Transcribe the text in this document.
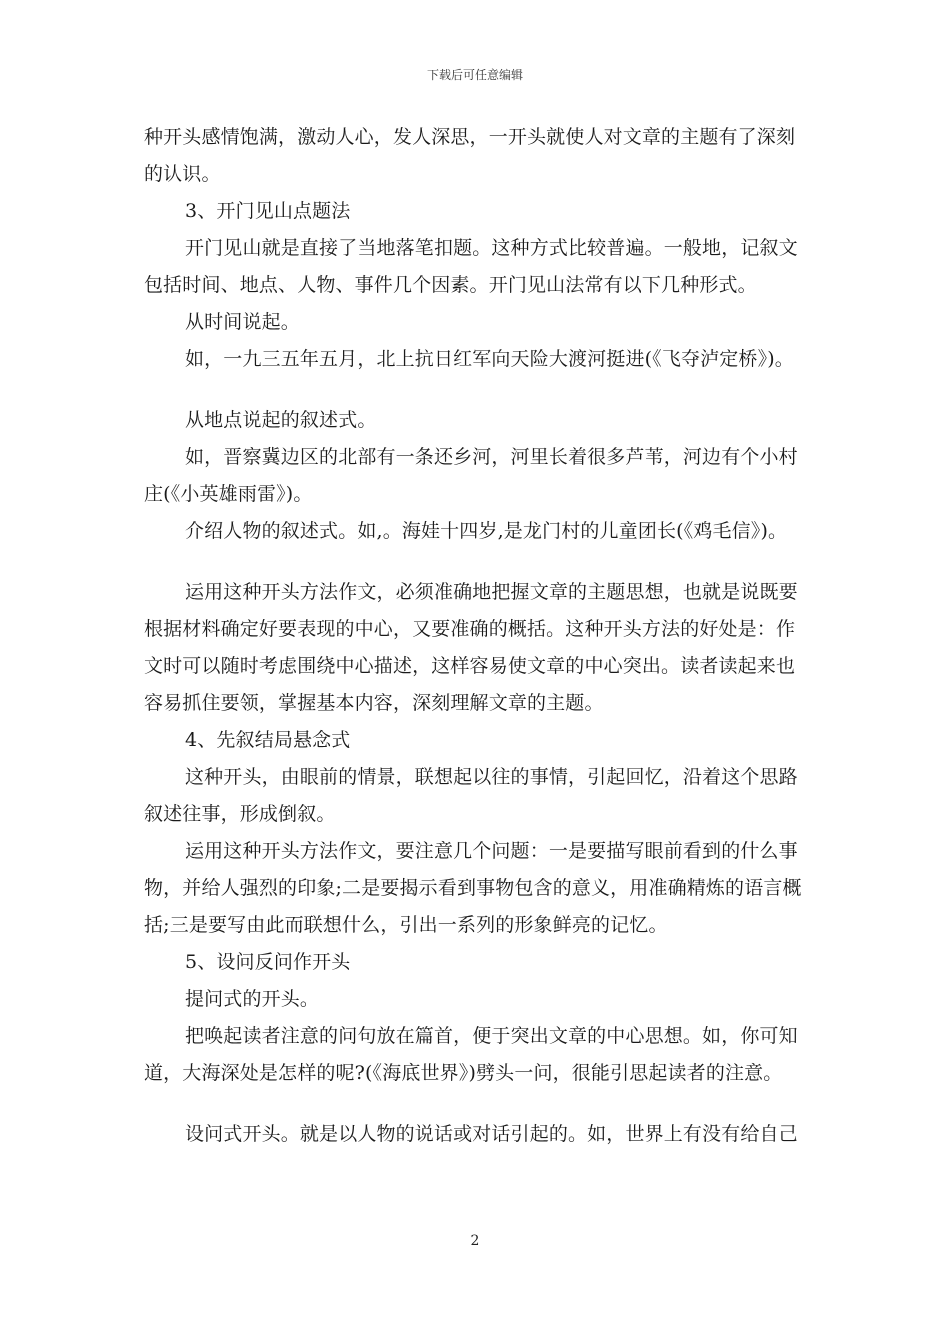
下载后可任意编辑
种开头感情饱满，激动人心，发人深思，一开头就使人对文章的主题有了深刻
的认识。
3、开门见山点题法
开门见山就是直接了当地落笔扣题。这种方式比较普遍。一般地，记叙文
包括时间、地点、人物、事件几个因素。开门见山法常有以下几种形式。
从时间说起。
如，一九三五年五月，北上抗日红军向天险大渡河挺进(《飞夺泸定桥》)。
从地点说起的叙述式。
如，晋察冀边区的北部有一条还乡河，河里长着很多芦苇，河边有个小村
庄(《小英雄雨雷》)。
介绍人物的叙述式。如,。海娃十四岁,是龙门村的儿童团长(《鸡毛信》)。
运用这种开头方法作文，必须准确地把握文章的主题思想，也就是说既要
根据材料确定好要表现的中心，又要准确的概括。这种开头方法的好处是：作
文时可以随时考虑围绕中心描述，这样容易使文章的中心突出。读者读起来也
容易抓住要领，掌握基本内容，深刻理解文章的主题。
4、先叙结局悬念式
这种开头，由眼前的情景，联想起以往的事情，引起回忆，沿着这个思路
叙述往事，形成倒叙。
运用这种开头方法作文，要注意几个问题：一是要描写眼前看到的什么事
物，并给人强烈的印象;二是要揭示看到事物包含的意义，用准确精炼的语言概
括;三是要写由此而联想什么，引出一系列的形象鲜亮的记忆。
5、设问反问作开头
提问式的开头。
把唤起读者注意的问句放在篇首，便于突出文章的中心思想。如，你可知
道，大海深处是怎样的呢?(《海底世界》)劈头一问，很能引思起读者的注意。
设问式开头。就是以人物的说话或对话引起的。如，世界上有没有给自己
2
